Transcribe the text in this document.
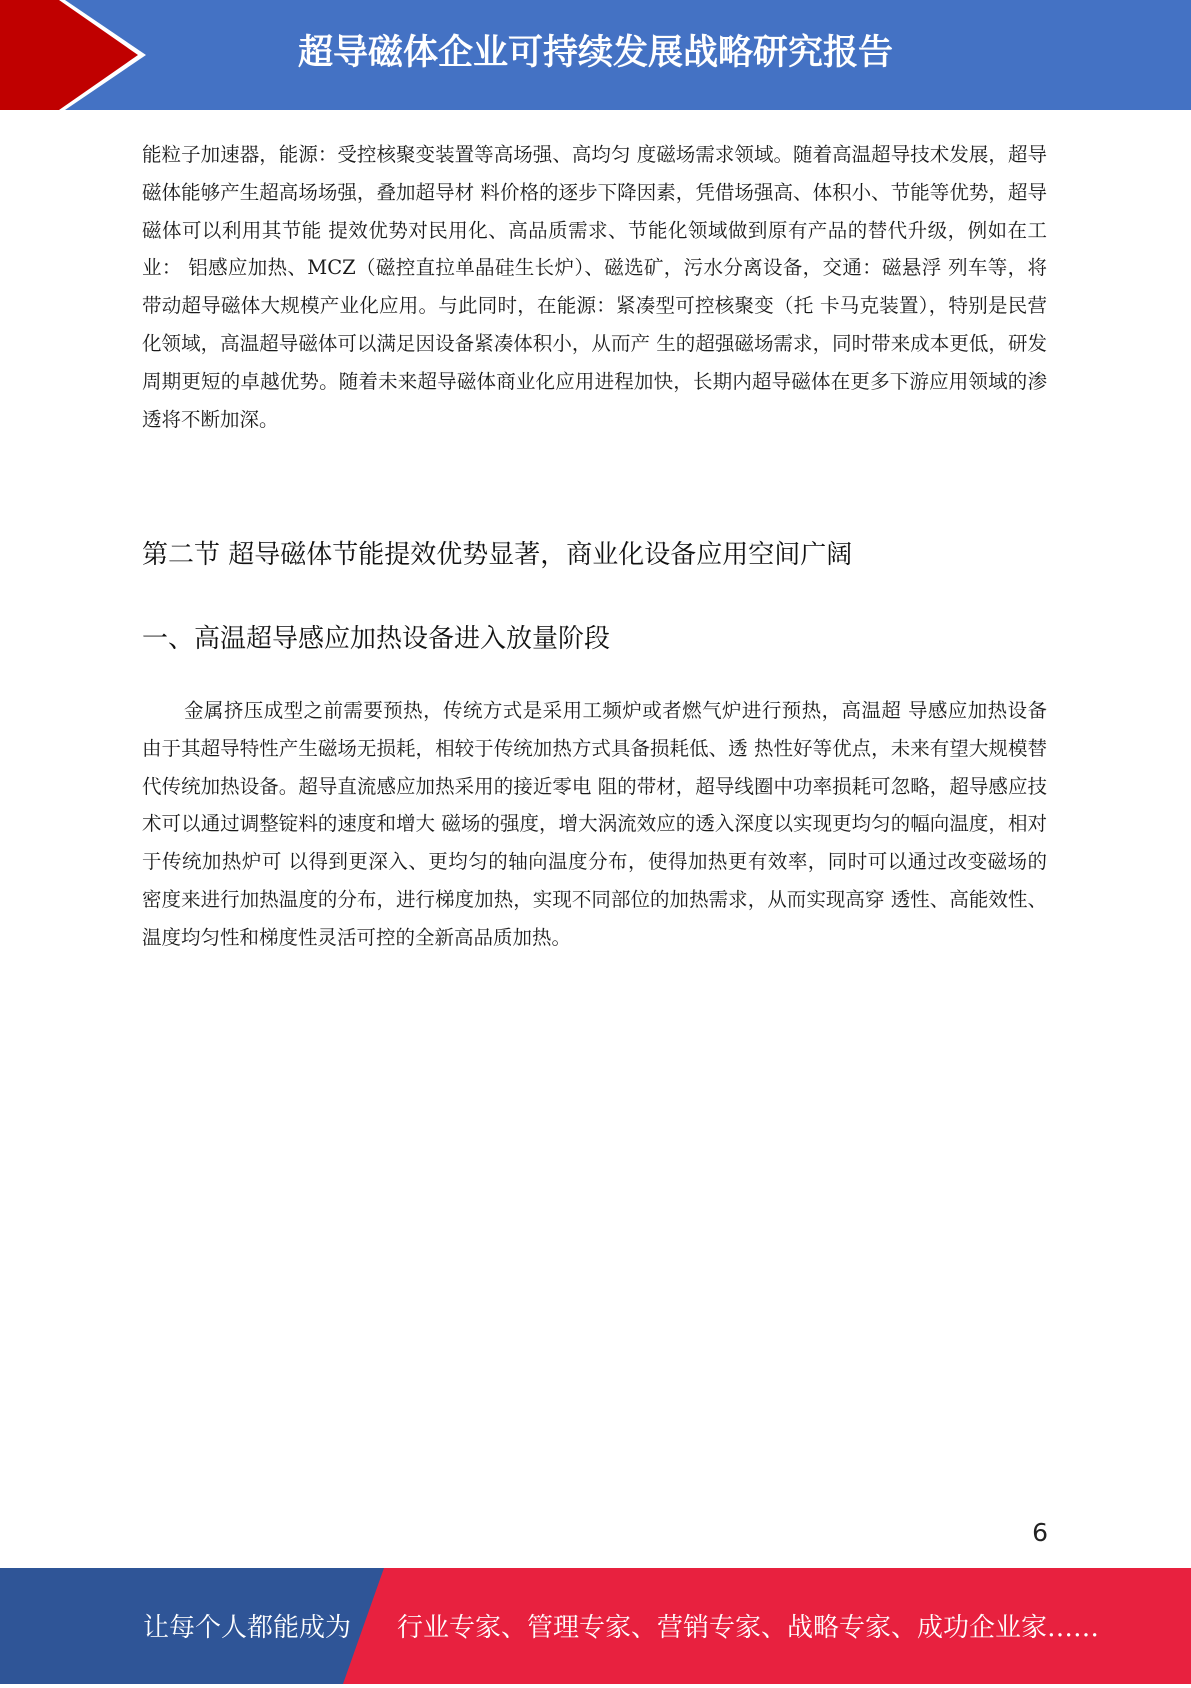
超导磁体企业可持续发展战略研究报告

能粒子加速器，能源：受控核聚变装置等高场强、高均匀 度磁场需求领域。随着高温超导技术发展，超导磁体能够产生超高场场强，叠加超导材 料价格的逐步下降因素，凭借场强高、体积小、节能等优势，超导磁体可以利用其节能 提效优势对民用化、高品质需求、节能化领域做到原有产品的替代升级，例如在工业： 铝感应加热、MCZ（磁控直拉单晶硅生长炉）、磁选矿，污水分离设备，交通：磁悬浮 列车等，将带动超导磁体大规模产业化应用。与此同时，在能源：紧凑型可控核聚变（托 卡马克装置），特别是民营化领域，高温超导磁体可以满足因设备紧凑体积小，从而产 生的超强磁场需求，同时带来成本更低，研发周期更短的卓越优势。随着未来超导磁体商业化应用进程加快，长期内超导磁体在更多下游应用领域的渗透将不断加深。

第二节 超导磁体节能提效优势显著，商业化设备应用空间广阔
一、高温超导感应加热设备进入放量阶段

金属挤压成型之前需要预热，传统方式是采用工频炉或者燃气炉进行预热，高温超 导感应加热设备由于其超导特性产生磁场无损耗，相较于传统加热方式具备损耗低、透 热性好等优点，未来有望大规模替代传统加热设备。超导直流感应加热采用的接近零电 阻的带材，超导线圈中功率损耗可忽略，超导感应技术可以通过调整锭料的速度和增大 磁场的强度，增大涡流效应的透入深度以实现更均匀的幅向温度，相对于传统加热炉可 以得到更深入、更均匀的轴向温度分布，使得加热更有效率，同时可以通过改变磁场的 密度来进行加热温度的分布，进行梯度加热，实现不同部位的加热需求，从而实现高穿 透性、高能效性、温度均匀性和梯度性灵活可控的全新高品质加热。

6
让每个人都能成为 行业专家、管理专家、营销专家、战略专家、成功企业家……
